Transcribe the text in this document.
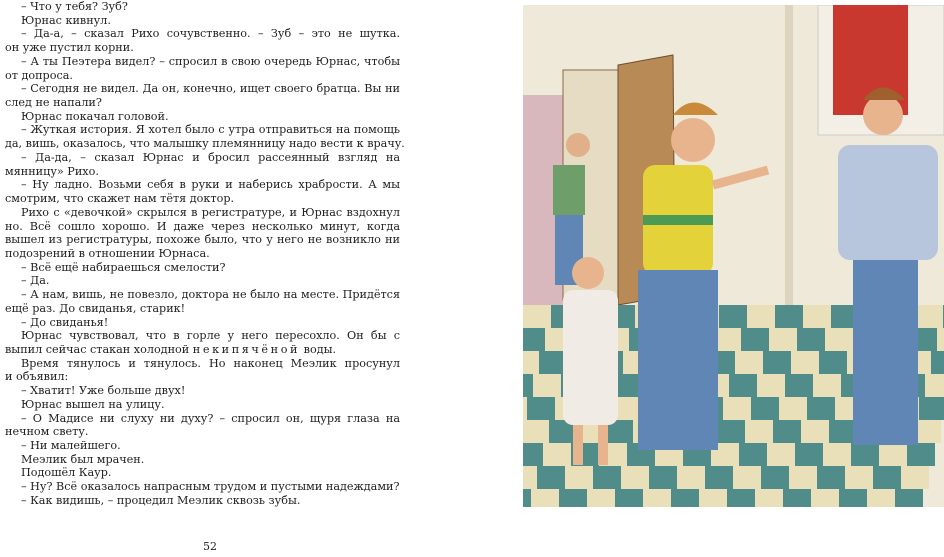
– Что у тебя? Зуб?
Юрнас кивнул.
– Да-а, – сказал Рихо сочувственно. – Зуб – это не шутка.
он уже пустил корни.
– А ты Пеэтера видел? – спросил в свою очередь Юрнас, чтобы
от допроса.
– Сегодня не видел. Да он, конечно, ищет своего братца. Вы ни
след не напали?
Юрнас покачал головой.
– Жуткая история. Я хотел было с утра отправиться на помощь
да, вишь, оказалось, что малышку племянницу надо вести к врачу.
– Да-да, – сказал Юрнас и бросил рассеянный взгляд на
мянницу» Рихо.
– Ну ладно. Возьми себя в руки и наберись храбрости. А мы
смотрим, что скажет нам тётя доктор.
Рихо с «девочкой» скрылся в регистратуре, и Юрнас вздохнул
но. Всё сошло хорошо. И даже через несколько минут, когда
вышел из регистратуры, похоже было, что у него не возникло ни
подозрений в отношении Юрнаса.
– Всё ещё набираешься смелости?
– Да.
– А нам, вишь, не повезло, доктора не было на месте. Придётся
ещё раз. До свиданья, старик!
– До свиданья!
Юрнас чувствовал, что в горле у него пересохло. Он бы с
выпил сейчас стакан холодной некипячёной воды.
Время тянулось и тянулось. Но наконец Меэлик просунул
и объявил:
– Хватит! Уже больше двух!
Юрнас вышел на улицу.
– О Мадисе ни слуху ни духу? – спросил он, щуря глаза на
нечном свету.
– Ни малейшего.
Меэлик был мрачен.
Подошёл Каур.
– Ну? Всё оказалось напрасным трудом и пустыми надеждами?
– Как видишь, – процедил Меэлик сквозь зубы.
52
